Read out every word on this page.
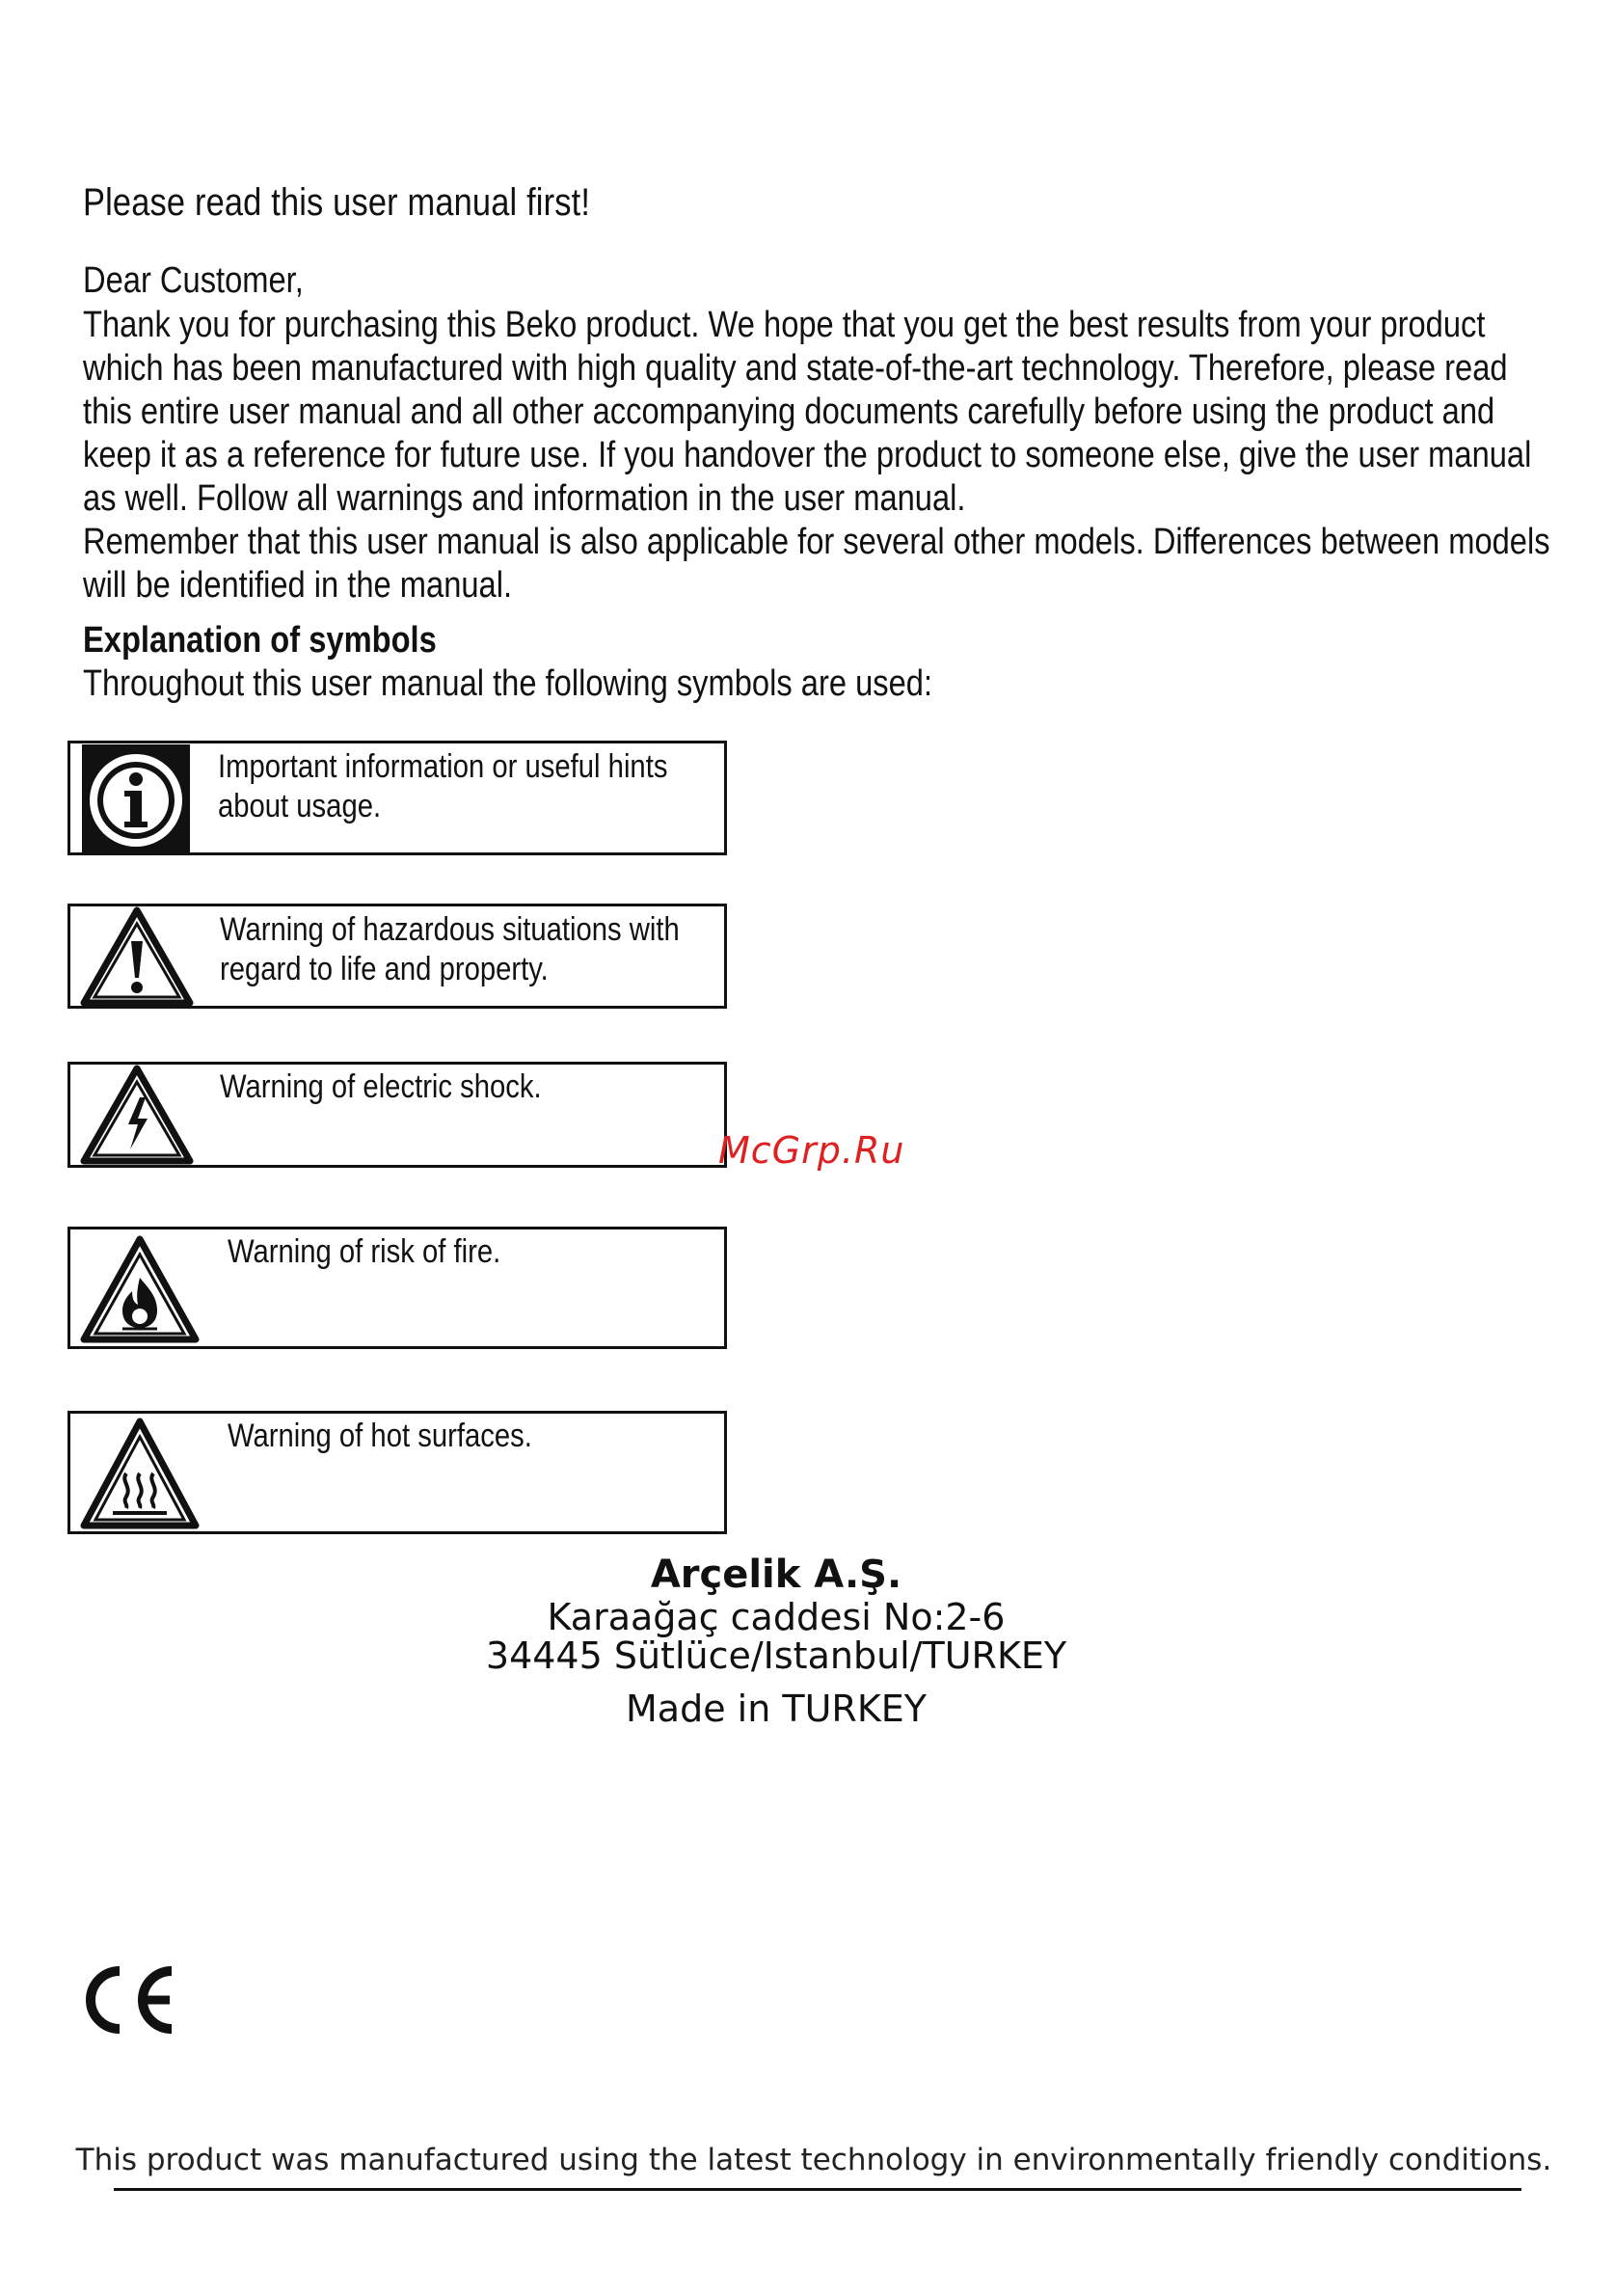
Please read this user manual first!
Dear Customer,
Thank you for purchasing this Beko product. We hope that you get the best results from your product
which has been manufactured with high quality and state-of-the-art technology. Therefore, please read
this entire user manual and all other accompanying documents carefully before using the product and
keep it as a reference for future use. If you handover the product to someone else, give the user manual
as well. Follow all warnings and information in the user manual.
Remember that this user manual is also applicable for several other models. Differences between models
will be identified in the manual.
Explanation of symbols
Throughout this user manual the following symbols are used:
Important information or useful hints
about usage.
Warning of hazardous situations with
regard to life and property.
Warning of electric shock.
Warning of risk of fire.
Warning of hot surfaces.
McGrp.Ru
Arçelik A.Ş.
Karaağaç caddesi No:2-6
34445 Sütlüce/Istanbul/TURKEY
Made in TURKEY
This product was manufactured using the latest technology in environmentally friendly conditions.
